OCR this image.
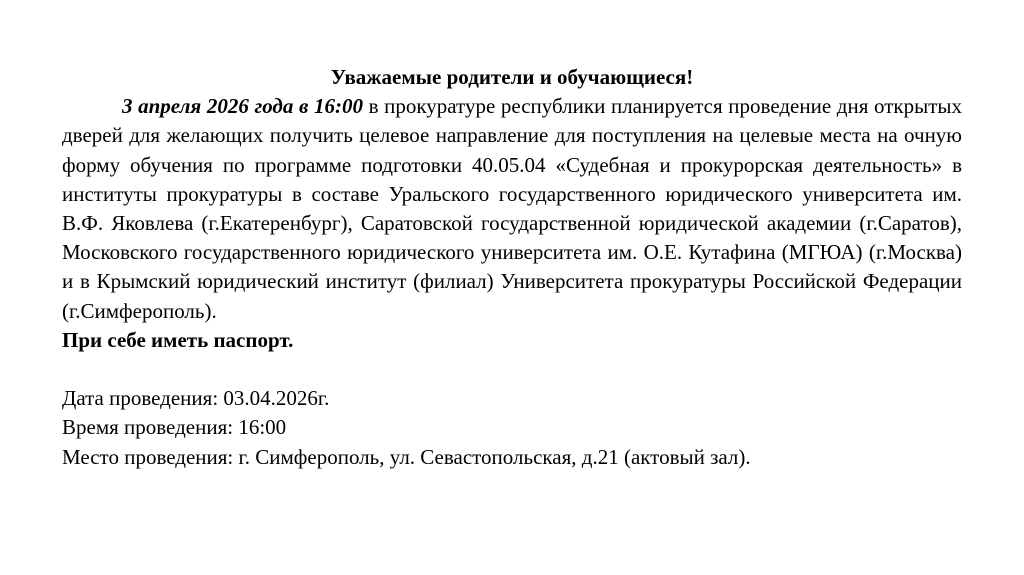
Уважаемые родители и обучающиеся!

3 апреля 2026 года в 16:00 в прокуратуре республики планируется проведение дня открытых дверей для желающих получить целевое направление для поступления на целевые места на очную форму обучения по программе подготовки 40.05.04 «Судебная и прокурорская деятельность» в институты прокуратуры в составе Уральского государственного юридического университета им. В.Ф. Яковлева (г.Екатеренбург), Саратовской государственной юридической академии (г.Саратов), Московского государственного юридического университета им. О.Е. Кутафина (МГЮА) (г.Москва) и в Крымский юридический институт (филиал) Университета прокуратуры Российской Федерации (г.Симферополь).

При себе иметь паспорт.

Дата проведения: 03.04.2026г.

Время проведения: 16:00

Место проведения: г. Симферополь, ул. Севастопольская, д.21 (актовый зал).
